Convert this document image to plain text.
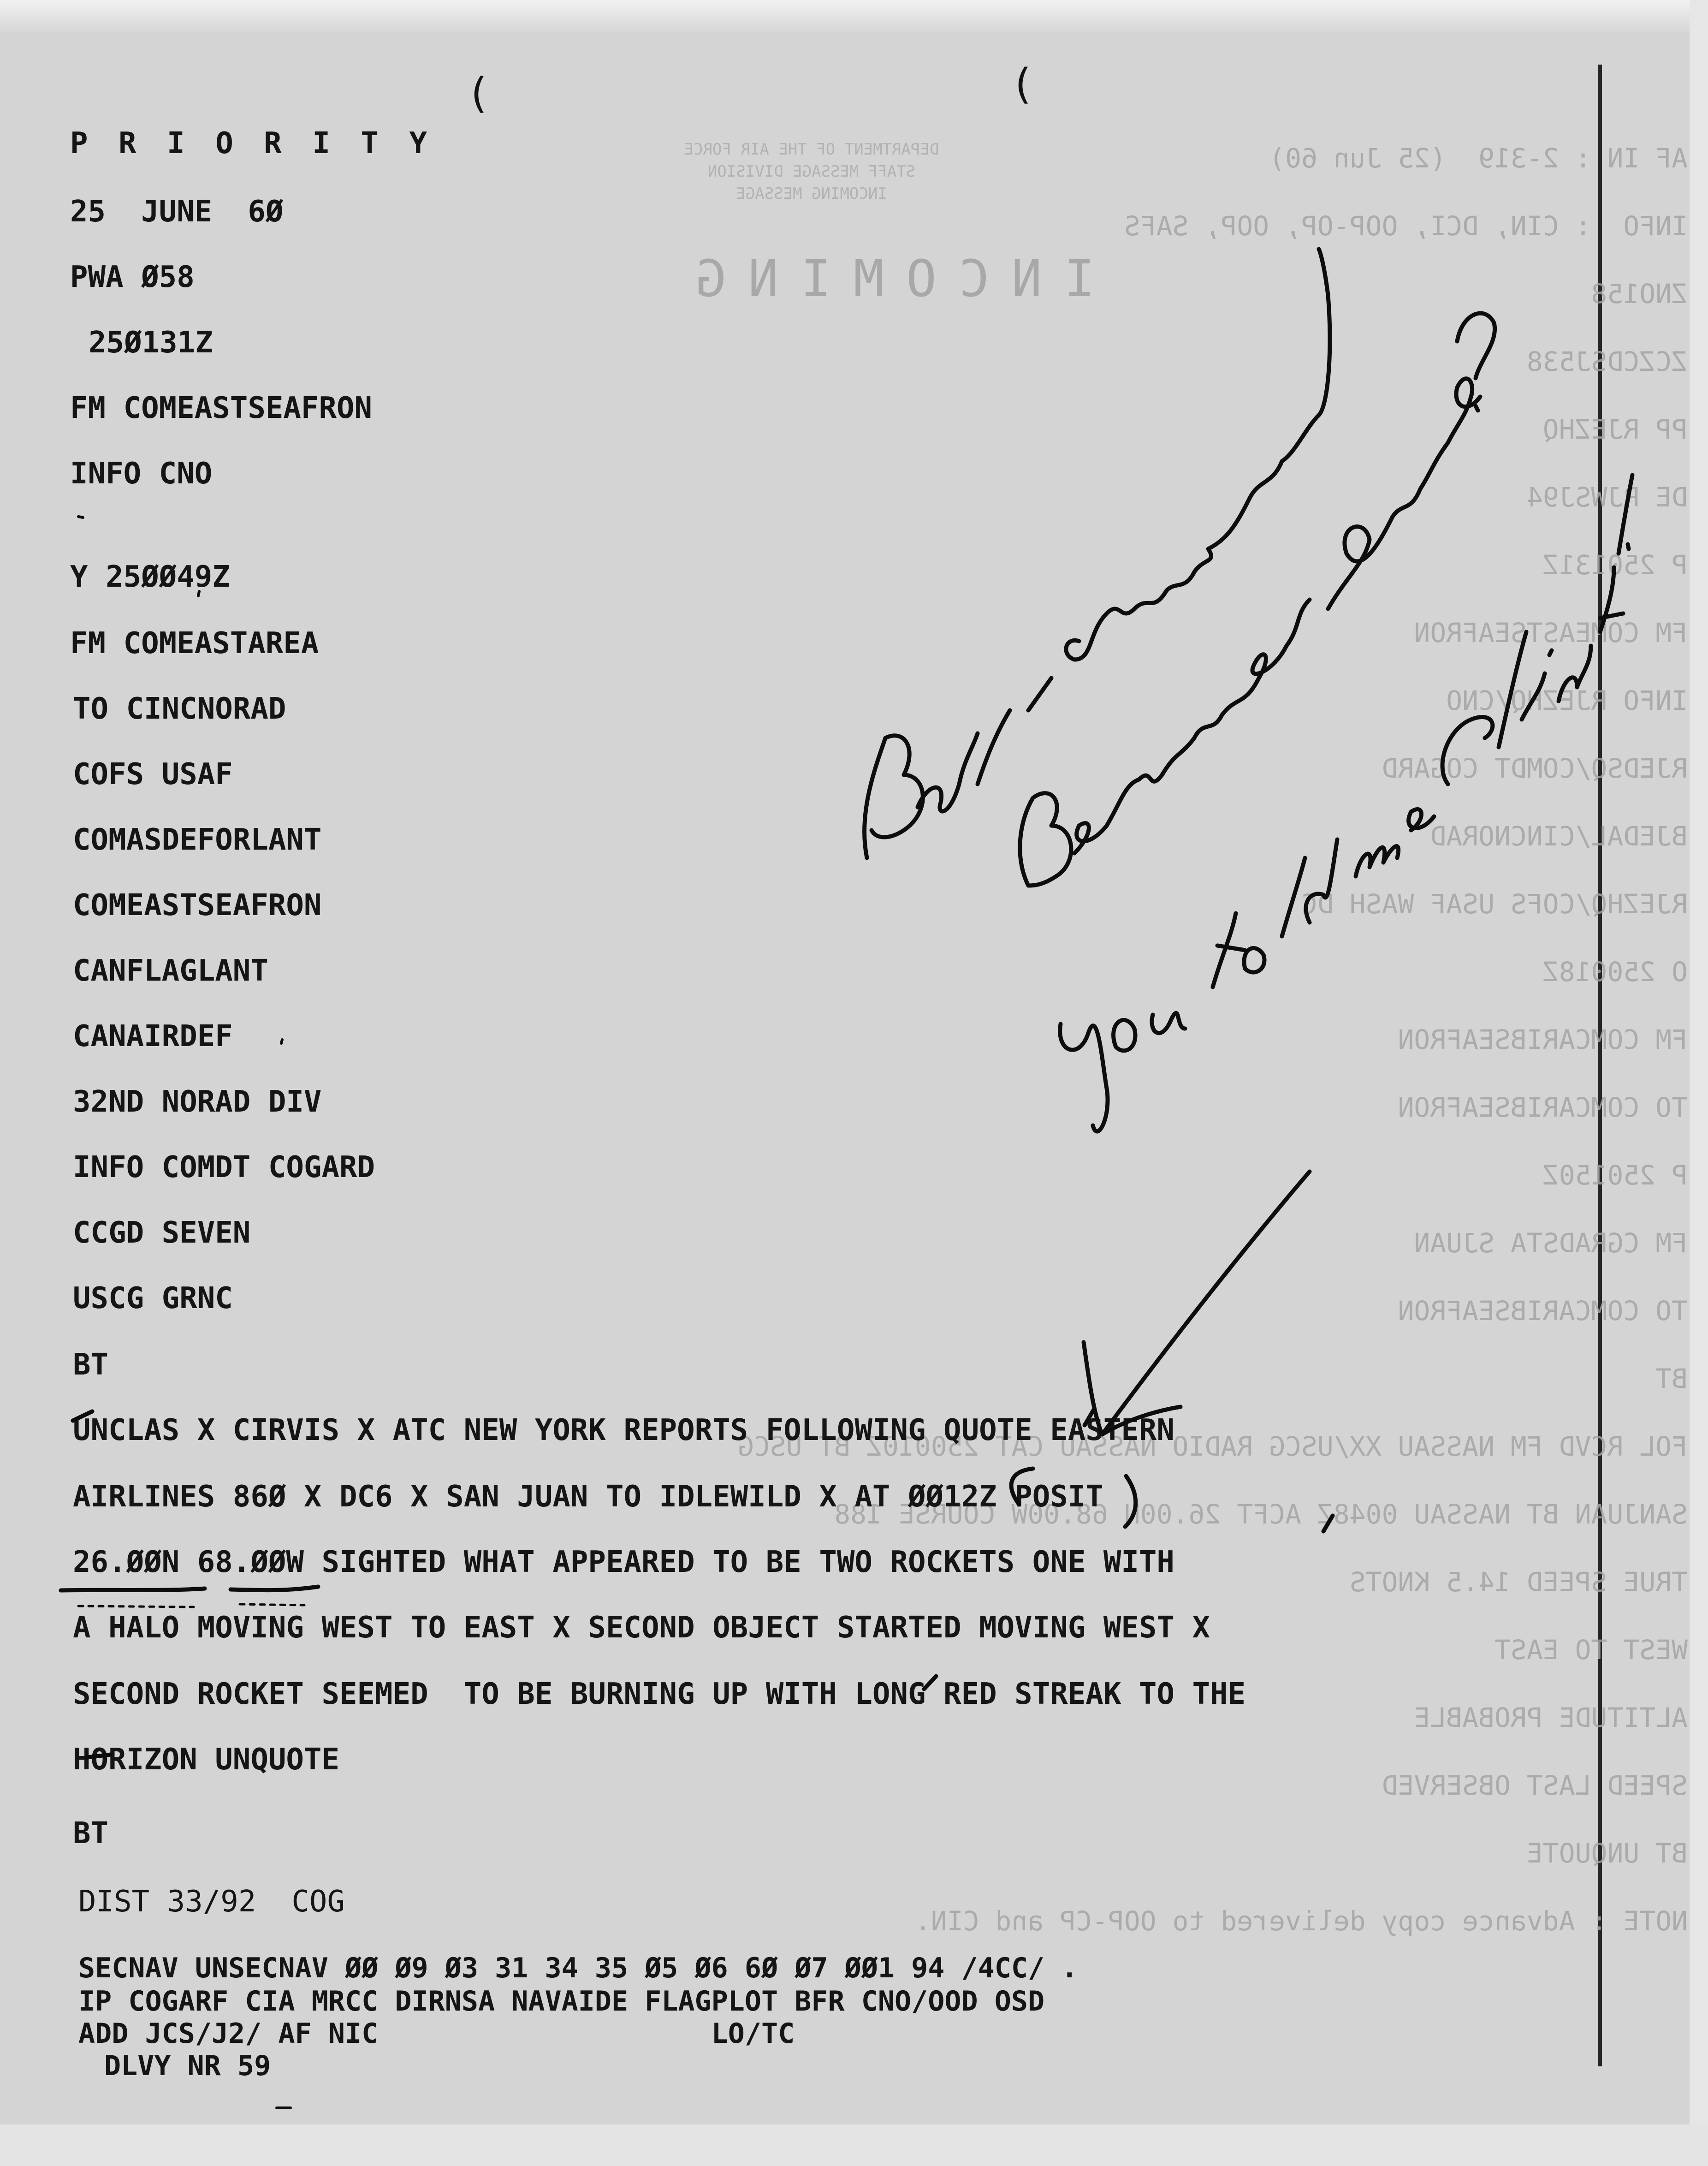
DEPARTMENT OF THE AIR FORCE
STAFF MESSAGE DIVISION
INCOMING MESSAGE
INCOMING
AF IN : 2-319  (25 Jun 60)
INFO  : CIN, DCI, OOP-OP, OOP, SAFS
ZNO158
ZCZCDSJ538
PP RJEZHQ
DE RJWSJ94
P 250131Z
FM COMEASTSEAFRON
INFO RJEZHQ/CNO
RJEDSQ/COMDT COGARD
BJEDAL/CINCNORAD
RJEZHQ/COFS USAF WASH DC
O 250018Z
FM COMCARIBSEAFRON
TO COMCARIBSEAFRON
P 250150Z
FM CGRADSTA SJUAN
TO COMCARIBSEAFRON
BT
FOL RCVD FM NASSAU XX/USCG RADIO NASSAU CAT 250010Z BT USCG
SANJUAN BT NASSAU 0048Z ACFT 26.00N 68.00W COURSE 188
TRUE SPEED 14.5 KNOTS
WEST TO EAST
ALTITUDE PROBABLE
SPEED LAST OBSERVED
BT UNQUOTE
NOTE : Advance copy delivered to OOP-CP and CIN.
P R I O R I T Y
25  JUNE  6Ø
PWA Ø58
25Ø131Z
FM COMEASTSEAFRON
INFO CNO
Y 25ØØ49Z
FM COMEASTAREA
TO CINCNORAD
COFS USAF
COMASDEFORLANT
COMEASTSEAFRON
CANFLAGLANT
CANAIRDEF
32ND NORAD DIV
INFO COMDT COGARD
CCGD SEVEN
USCG GRNC
BT
UNCLAS X CIRVIS X ATC NEW YORK REPORTS FOLLOWING QUOTE EASTERN
AIRLINES 86Ø X DC6 X SAN JUAN TO IDLEWILD X AT ØØ12Z POSIT
26.ØØN 68.ØØW SIGHTED WHAT APPEARED TO BE TWO ROCKETS ONE WITH
A HALO MOVING WEST TO EAST X SECOND OBJECT STARTED MOVING WEST X
SECOND ROCKET SEEMED  TO BE BURNING UP WITH LONG RED STREAK TO THE
HORIZON UNQUOTE
BT
DIST 33/92  COG
SECNAV UNSECNAV ØØ Ø9 Ø3 31 34 35 Ø5 Ø6 6Ø Ø7 ØØ1 94 /4CC/ .
IP COGARF CIA MRCC DIRNSA NAVAIDE FLAGPLOT BFR CNO/OOD OSD
ADD JCS/J2/ AF NIC                    LO/TC
DLVY NR 59
(	(
